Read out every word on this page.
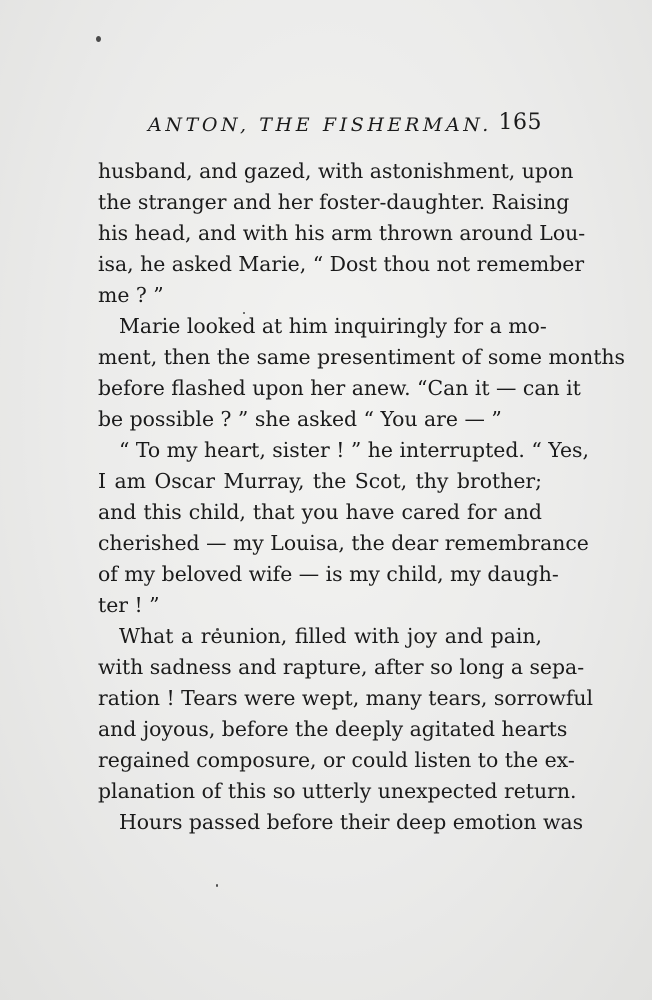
ANTON, THE FISHERMAN. 165
husband, and gazed, with astonishment, upon
the stranger and her foster-daughter. Raising
his head, and with his arm thrown around Lou-
isa, he asked Marie, “ Dost thou not remember
me ? ”
Marie looked at him inquiringly for a mo-
ment, then the same presentiment of some months
before flashed upon her anew. “Can it — can it
be possible ? ” she asked “ You are — ”
“ To my heart, sister ! ” he interrupted. “ Yes,
I am Oscar Murray, the Scot, thy brother;
and this child, that you have cared for and
cherished — my Louisa, the dear remembrance
of my beloved wife — is my child, my daugh-
ter ! ”
What a reunion, filled with joy and pain,
with sadness and rapture, after so long a sepa-
ration ! Tears were wept, many tears, sorrowful
and joyous, before the deeply agitated hearts
regained composure, or could listen to the ex-
planation of this so utterly unexpected return.
Hours passed before their deep emotion was
